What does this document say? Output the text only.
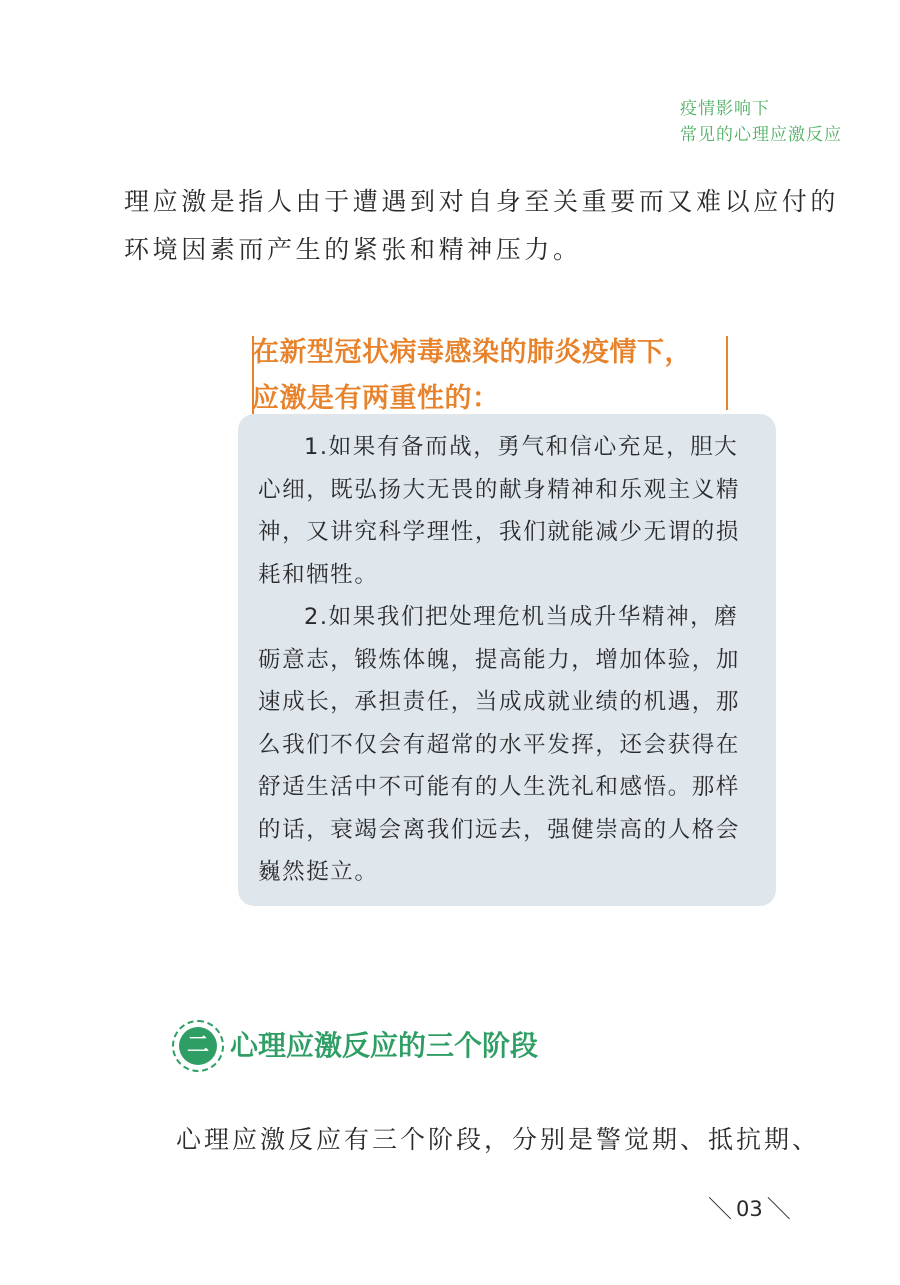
疫情影响下
常见的心理应激反应
理应激是指人由于遭遇到对自身至关重要而又难以应付的
环境因素而产生的紧张和精神压力。
在新型冠状病毒感染的肺炎疫情下，
应激是有两重性的：
1.如果有备而战，勇气和信心充足，胆大
心细，既弘扬大无畏的献身精神和乐观主义精
神，又讲究科学理性，我们就能减少无谓的损
耗和牺牲。
2.如果我们把处理危机当成升华精神，磨
砺意志，锻炼体魄，提高能力，增加体验，加
速成长，承担责任，当成成就业绩的机遇，那
么我们不仅会有超常的水平发挥，还会获得在
舒适生活中不可能有的人生洗礼和感悟。那样
的话，衰竭会离我们远去，强健崇高的人格会
巍然挺立。
二 心理应激反应的三个阶段
心理应激反应有三个阶段，分别是警觉期、抵抗期、
＼ 03 ＼
